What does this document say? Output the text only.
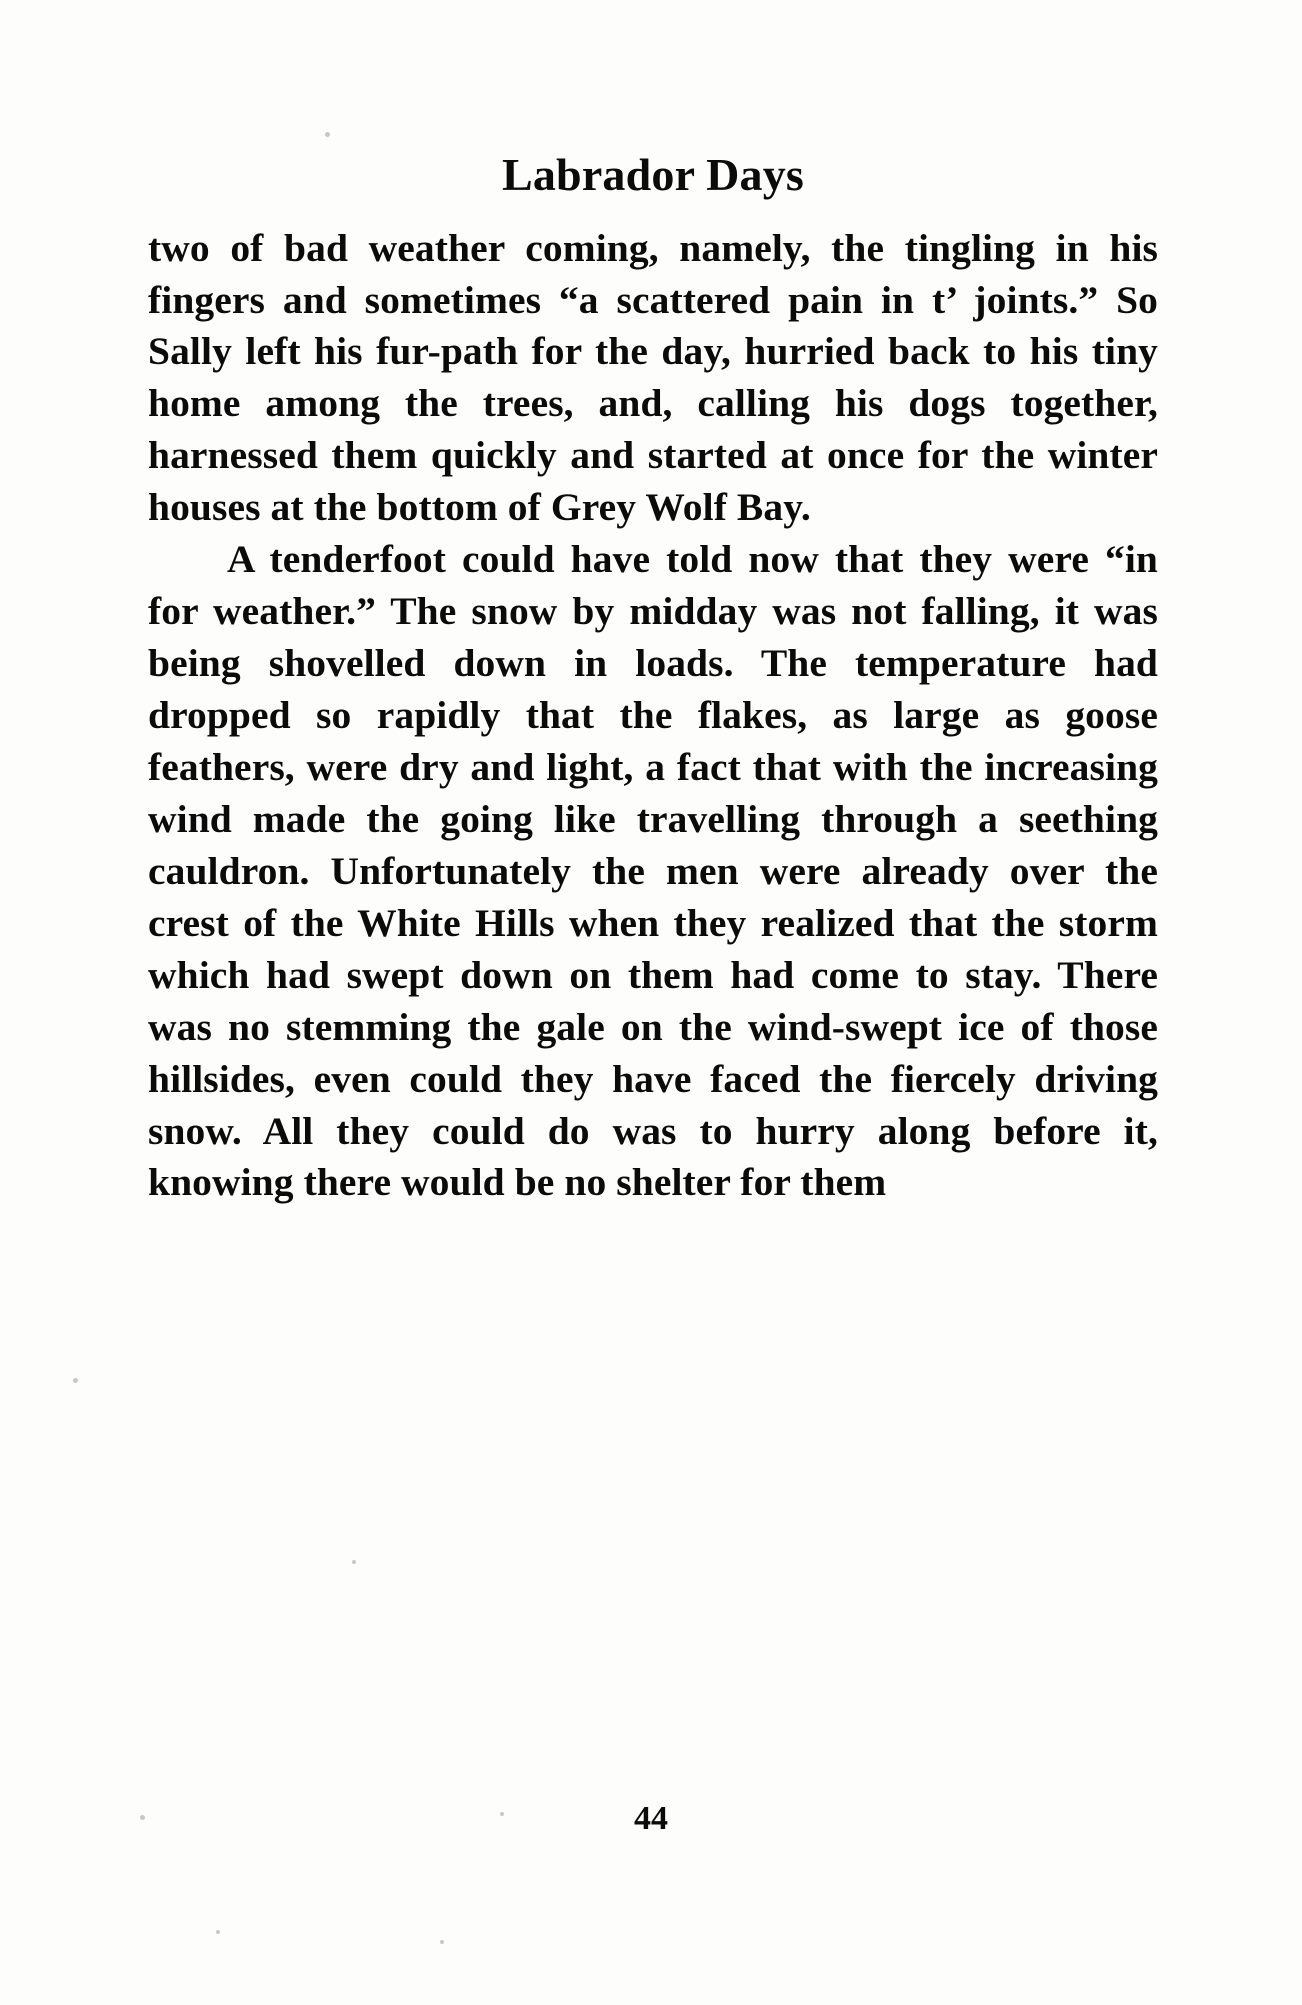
Labrador Days

two of bad weather coming, namely, the tingling in his fingers and sometimes “a scattered pain in t’ joints.” So Sally left his fur-path for the day, hurried back to his tiny home among the trees, and, calling his dogs together, harnessed them quickly and started at once for the winter houses at the bottom of Grey Wolf Bay.

A tenderfoot could have told now that they were “in for weather.” The snow by midday was not falling, it was being shovelled down in loads. The temperature had dropped so rapidly that the flakes, as large as goose feathers, were dry and light, a fact that with the increasing wind made the going like travelling through a seething cauldron. Unfortunately the men were already over the crest of the White Hills when they realized that the storm which had swept down on them had come to stay. There was no stemming the gale on the wind-swept ice of those hillsides, even could they have faced the fiercely driving snow. All they could do was to hurry along before it, knowing there would be no shelter for them

44
